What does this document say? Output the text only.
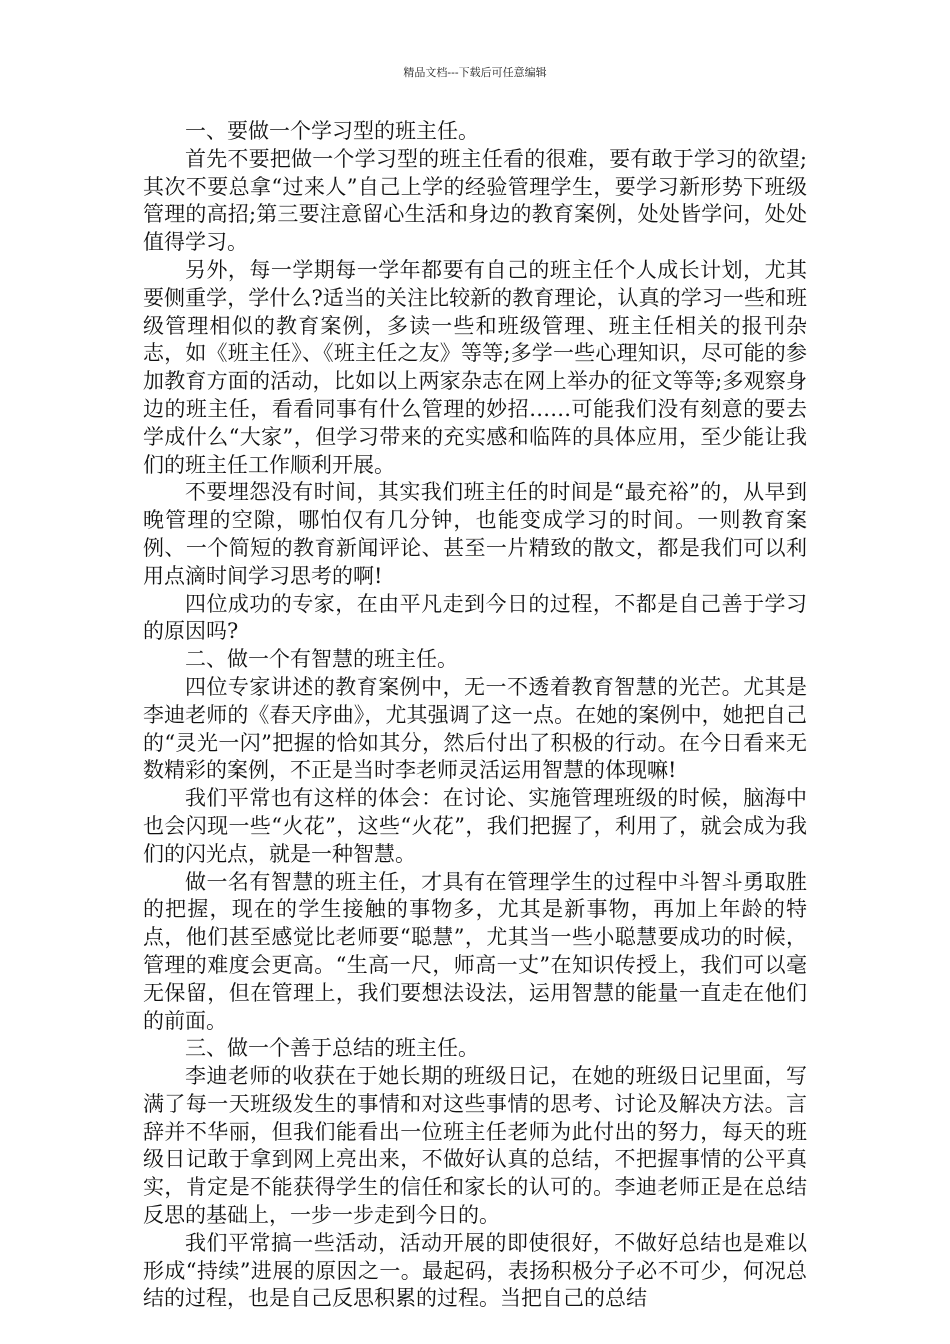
精品文档---下载后可任意编辑

一、要做一个学习型的班主任。

首先不要把做一个学习型的班主任看的很难，要有敢于学习的欲望;其次不要总拿“过来人”自己上学的经验管理学生，要学习新形势下班级管理的高招;第三要注意留心生活和身边的教育案例，处处皆学问，处处值得学习。

另外，每一学期每一学年都要有自己的班主任个人成长计划，尤其要侧重学，学什么?适当的关注比较新的教育理论，认真的学习一些和班级管理相似的教育案例，多读一些和班级管理、班主任相关的报刊杂志，如《班主任》、《班主任之友》等等;多学一些心理知识，尽可能的参加教育方面的活动，比如以上两家杂志在网上举办的征文等等;多观察身边的班主任，看看同事有什么管理的妙招……可能我们没有刻意的要去学成什么“大家”，但学习带来的充实感和临阵的具体应用，至少能让我们的班主任工作顺利开展。

不要埋怨没有时间，其实我们班主任的时间是“最充裕”的，从早到晚管理的空隙，哪怕仅有几分钟，也能变成学习的时间。一则教育案例、一个简短的教育新闻评论、甚至一片精致的散文，都是我们可以利用点滴时间学习思考的啊!

四位成功的专家，在由平凡走到今日的过程，不都是自己善于学习的原因吗?

二、做一个有智慧的班主任。

四位专家讲述的教育案例中，无一不透着教育智慧的光芒。尤其是李迪老师的《春天序曲》，尤其强调了这一点。在她的案例中，她把自己的“灵光一闪”把握的恰如其分，然后付出了积极的行动。在今日看来无数精彩的案例，不正是当时李老师灵活运用智慧的体现嘛!

我们平常也有这样的体会：在讨论、实施管理班级的时候，脑海中也会闪现一些“火花”，这些“火花”，我们把握了，利用了，就会成为我们的闪光点，就是一种智慧。

做一名有智慧的班主任，才具有在管理学生的过程中斗智斗勇取胜的把握，现在的学生接触的事物多，尤其是新事物，再加上年龄的特点，他们甚至感觉比老师要“聪慧”，尤其当一些小聪慧要成功的时候，管理的难度会更高。“生高一尺，师高一丈”在知识传授上，我们可以毫无保留，但在管理上，我们要想法设法，运用智慧的能量一直走在他们的前面。

三、做一个善于总结的班主任。

李迪老师的收获在于她长期的班级日记，在她的班级日记里面，写满了每一天班级发生的事情和对这些事情的思考、讨论及解决方法。言辞并不华丽，但我们能看出一位班主任老师为此付出的努力，每天的班级日记敢于拿到网上亮出来，不做好认真的总结，不把握事情的公平真实，肯定是不能获得学生的信任和家长的认可的。李迪老师正是在总结反思的基础上，一步一步走到今日的。

我们平常搞一些活动，活动开展的即使很好，不做好总结也是难以形成“持续”进展的原因之一。最起码，表扬积极分子必不可少，何况总结的过程，也是自己反思积累的过程。当把自己的总结
